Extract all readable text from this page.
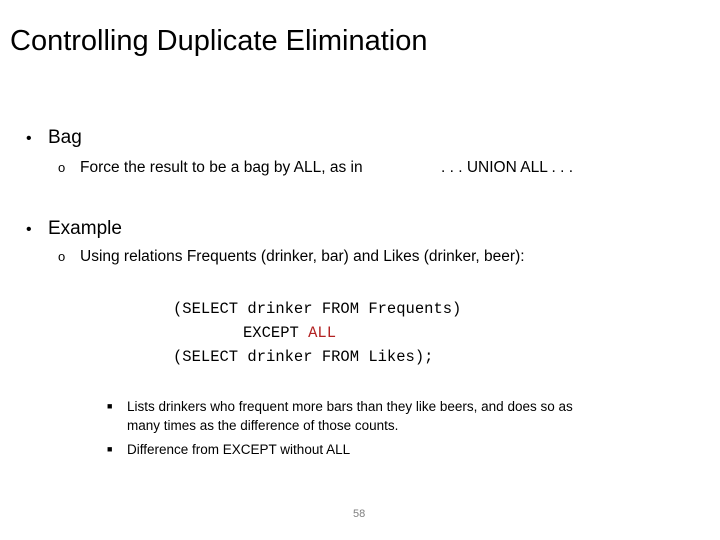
Controlling Duplicate Elimination
• Bag
o Force the result to be a bag by ALL, as in	. . . UNION ALL . . .
• Example
o Using relations Frequents (drinker, bar) and Likes (drinker, beer):
(SELECT drinker FROM Frequents)
EXCEPT ALL
(SELECT drinker FROM Likes);
■ Lists drinkers who frequent more bars than they like beers, and does so as
many times as the difference of those counts.
■ Difference from EXCEPT without ALL
58
